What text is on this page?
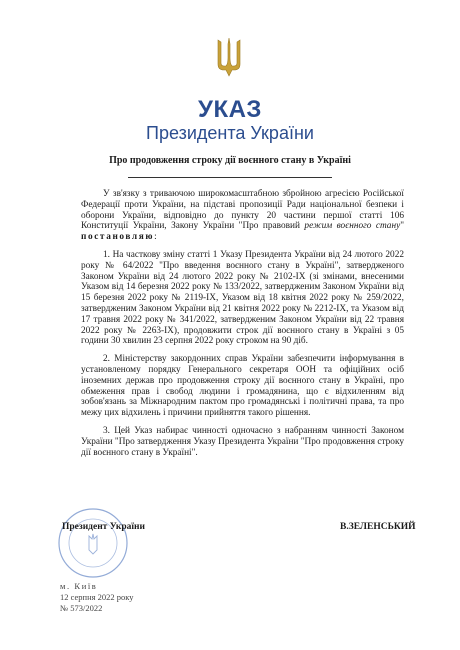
УКАЗ
Президента України
Про продовження строку дії воєнного стану в Україні

У зв'язку з триваючою широкомасштабною збройною агресією Російської Федерації проти України, на підставі пропозиції Ради національної безпеки і оборони України, відповідно до пункту 20 частини першої статті 106 Конституції України, Закону України "Про правовий режим воєнного стану" постановляю:

1. На часткову зміну статті 1 Указу Президента України від 24 лютого 2022 року № 64/2022 "Про введення воєнного стану в Україні", затвердженого Законом України від 24 лютого 2022 року № 2102-IX (зі змінами, внесеними Указом від 14 березня 2022 року № 133/2022, затвердженим Законом України від 15 березня 2022 року № 2119-IX, Указом від 18 квітня 2022 року № 259/2022, затвердженим Законом України від 21 квітня 2022 року № 2212-IX, та Указом від 17 травня 2022 року № 341/2022, затвердженим Законом України від 22 травня 2022 року № 2263-IX), продовжити строк дії воєнного стану в Україні з 05 години 30 хвилин 23 серпня 2022 року строком на 90 діб.

2. Міністерству закордонних справ України забезпечити інформування в установленому порядку Генерального секретаря ООН та офіційних осіб іноземних держав про продовження строку дії воєнного стану в Україні, про обмеження прав і свобод людини і громадянина, що є відхиленням від зобов'язань за Міжнародним пактом про громадянські і політичні права, та про межу цих відхилень і причини прийняття такого рішення.

3. Цей Указ набирає чинності одночасно з набранням чинності Законом України "Про затвердження Указу Президента України "Про продовження строку дії воєнного стану в Україні".

Президент України	В.ЗЕЛЕНСЬКИЙ
м. Київ
12 серпня 2022 року
№ 573/2022
